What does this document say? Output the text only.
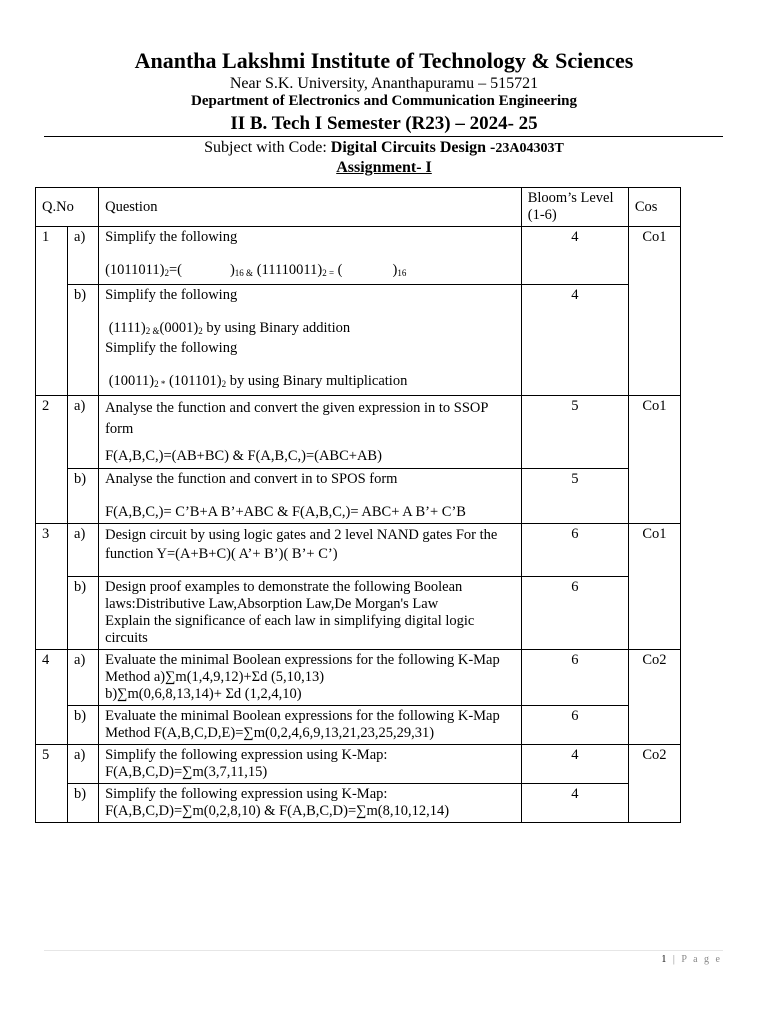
Anantha Lakshmi Institute of Technology & Sciences
Near S.K. University, Ananthapuramu – 515721
Department of Electronics and Communication Engineering
II B. Tech I Semester (R23) – 2024- 25
Subject with Code: Digital Circuits Design -23A04303T
Assignment- I
Q.No		Question	Bloom’s Level (1-6)	Cos
1	a)	Simplify the following
$(1011011)_2=$( )$_{16 \&}$ $(11110011)_{2 =}$ ( )$_{16}$	4	Co1
	b)	Simplify the following
$(1111)_{2 \&}(0001)_2$ by using Binary addition
Simplify the following
$(10011)_{2 *}$ $(101101)_2$ by using Binary multiplication	4	
2	a)	Analyse the function and convert the given expression in to SSOP form
F(A,B,C,)=(AB+BC) & F(A,B,C,)=(ABC+AB)	5	Co1
	b)	Analyse the function and convert in to SPOS form
F(A,B,C,)= C’B+A B’+ABC & F(A,B,C,)= ABC+ A B’+ C’B	5	
3	a)	Design circuit by using logic gates and 2 level NAND gates For the function Y=(A+B+C)( A’+ B’)( B’+ C’)	6	Co1
	b)	Design proof examples to demonstrate the following Boolean laws:Distributive Law,Absorption Law,De Morgan's Law
Explain the significance of each law in simplifying digital logic circuits	6	
4	a)	Evaluate the minimal Boolean expressions for the following K-Map Method a)∑m(1,4,9,12)+Σd (5,10,13)
b)∑m(0,6,8,13,14)+ Σd (1,2,4,10)	6	Co2
	b)	Evaluate the minimal Boolean expressions for the following K-Map Method F(A,B,C,D,E)=∑m(0,2,4,6,9,13,21,23,25,29,31)	6	
5	a)	Simplify the following expression using K-Map:
F(A,B,C,D)=∑m(3,7,11,15)	4	Co2
	b)	Simplify the following expression using K-Map:
F(A,B,C,D)=∑m(0,2,8,10) & F(A,B,C,D)=∑m(8,10,12,14)	4	
1 | P a g e
